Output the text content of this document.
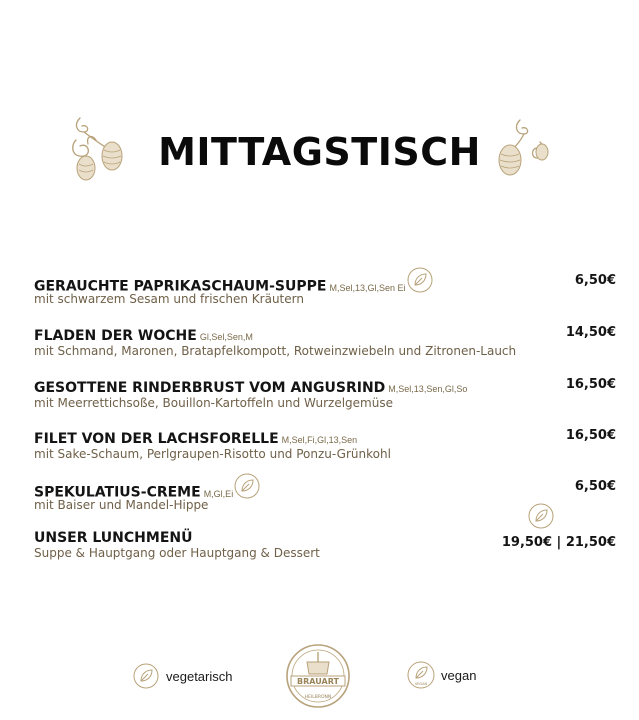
MITTAGSTISCH
GERAUCHTE PAPRIKASCHAUM-SUPPE M,Sel,13,Gl,Sen Ei	6,50€
mit schwarzem Sesam und frischen Kräutern
FLADEN DER WOCHE Gl,Sel,Sen,M	14,50€
mit Schmand, Maronen, Bratapfelkompott, Rotweinzwiebeln und Zitronen-Lauch
GESOTTENE RINDERBRUST VOM ANGUSRIND M,Sel,13,Sen,Gl,So	16,50€
mit Meerrettichsoße, Bouillon-Kartoffeln und Wurzelgemüse
FILET VON DER LACHSFORELLE M,Sel,Fi,Gl,13,Sen	16,50€
mit Sake-Schaum, Perlgraupen-Risotto und Ponzu-Grünkohl
SPEKULATIUS-CREME M,Gl,Ei	6,50€
mit Baiser und Mandel-Hippe
UNSER LUNCHMENÜ	19,50€ | 21,50€
Suppe & Hauptgang oder Hauptgang & Dessert
vegetarisch	BRAUART
HEILBRONN
VEGAN
vegan
